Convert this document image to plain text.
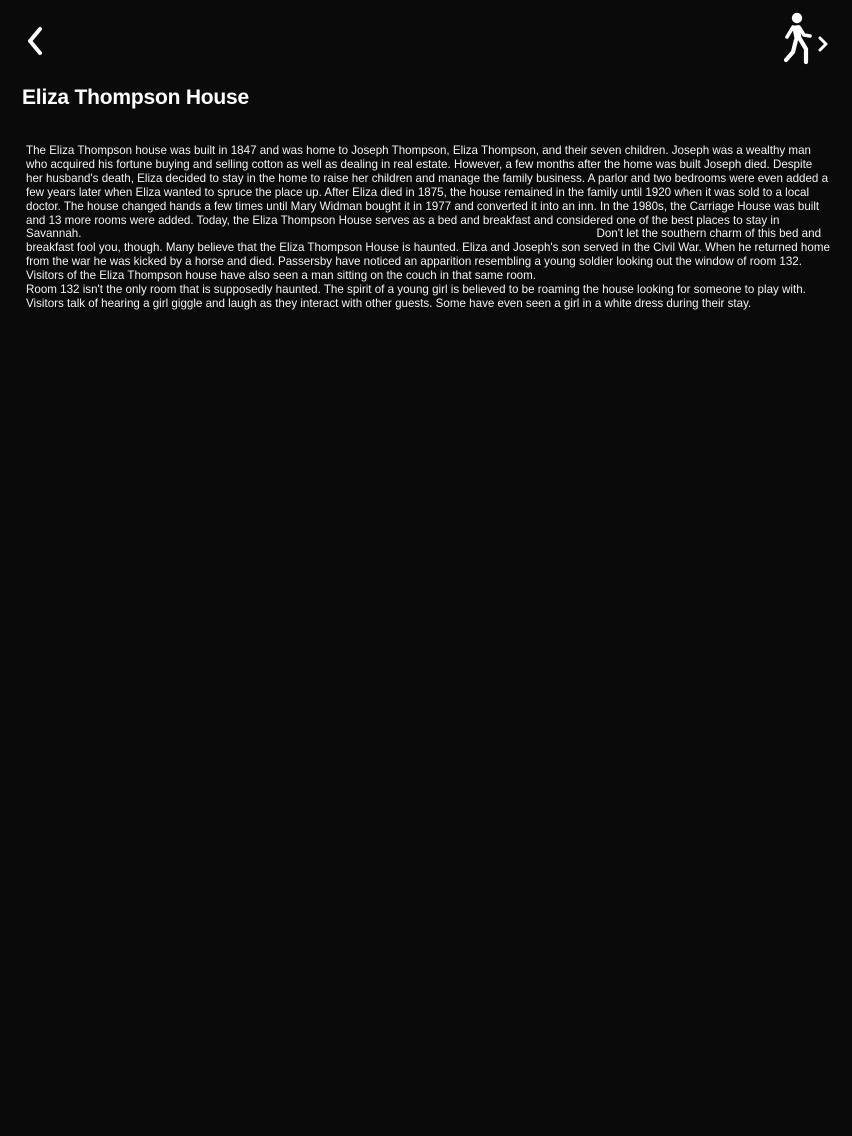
Eliza Thompson House

The Eliza Thompson house was built in 1847 and was home to Joseph Thompson, Eliza Thompson, and their seven children. Joseph was a wealthy man who acquired his fortune buying and selling cotton as well as dealing in real estate. However, a few months after the home was built Joseph died. Despite her husband's death, Eliza decided to stay in the home to raise her children and manage the family business. A parlor and two bedrooms were even added a few years later when Eliza wanted to spruce the place up. After Eliza died in 1875, the house remained in the family until 1920 when it was sold to a local doctor. The house changed hands a few times until Mary Widman bought it in 1977 and converted it into an inn. In the 1980s, the Carriage House was built and 13 more rooms were added. Today, the Eliza Thompson House serves as a bed and breakfast and considered one of the best places to stay in Savannah.	Don't let the southern charm of this bed and breakfast fool you, though. Many believe that the Eliza Thompson House is haunted. Eliza and Joseph's son served in the Civil War. When he returned home from the war he was kicked by a horse and died. Passersby have noticed an apparition resembling a young soldier looking out the window of room 132. Visitors of the Eliza Thompson house have also seen a man sitting on the couch in that same room.Room 132 isn't the only room that is supposedly haunted. The spirit of a young girl is believed to be roaming the house looking for someone to play with. Visitors talk of hearing a girl giggle and laugh as they interact with other guests. Some have even seen a girl in a white dress during their stay.
